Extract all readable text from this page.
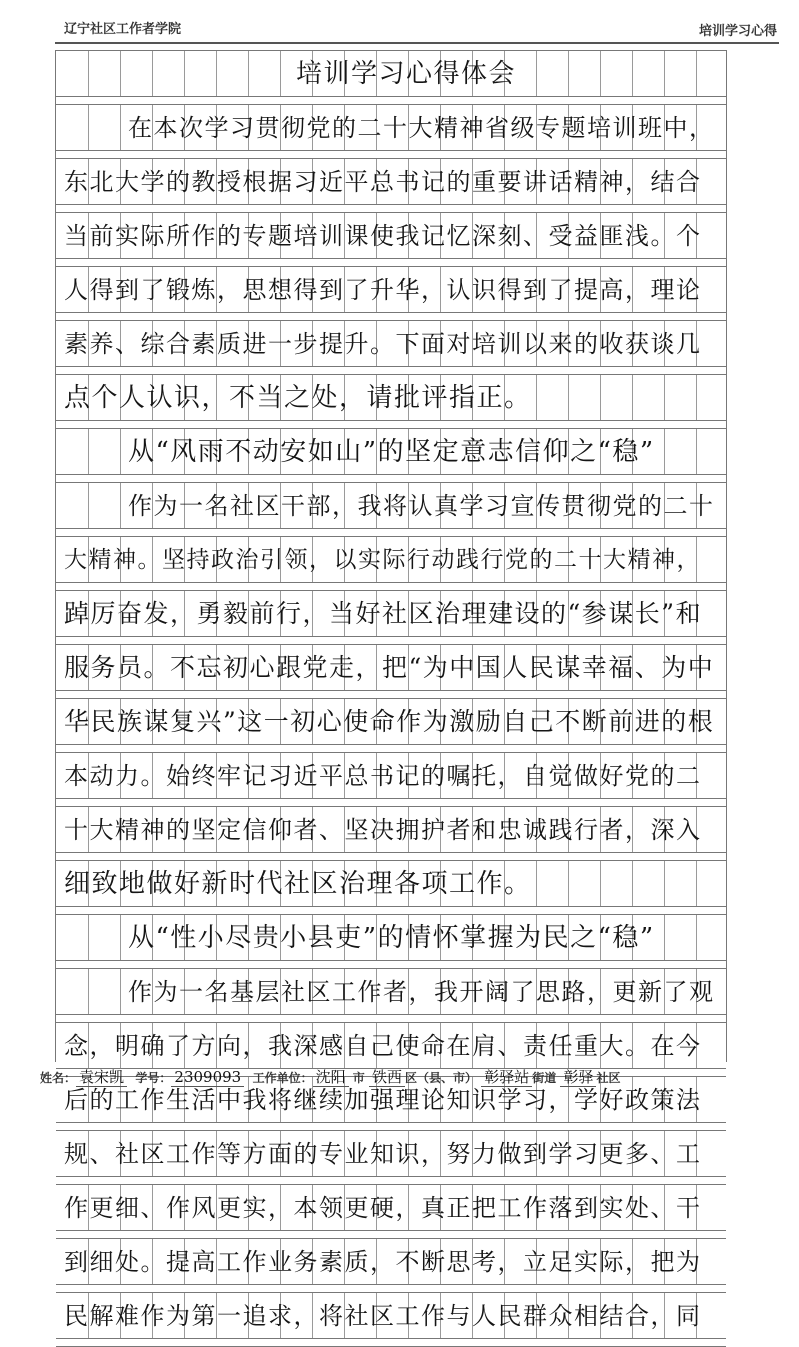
辽宁社区工作者学院	培训学习心得
培训学习心得体会
在本次学习贯彻党的二十大精神省级专题培训班中，
东北大学的教授根据习近平总书记的重要讲话精神，结合
当前实际所作的专题培训课使我记忆深刻、受益匪浅。个
人得到了锻炼，思想得到了升华，认识得到了提高，理论
素养、综合素质进一步提升。下面对培训以来的收获谈几
点个人认识，不当之处，请批评指正。
从“风雨不动安如山”的坚定意志信仰之“稳”
作为一名社区干部，我将认真学习宣传贯彻党的二十
大精神。坚持政治引领，以实际行动践行党的二十大精神，
踔厉奋发，勇毅前行，当好社区治理建设的“参谋长”和
服务员。不忘初心跟党走，把“为中国人民谋幸福、为中
华民族谋复兴”这一初心使命作为激励自己不断前进的根
本动力。始终牢记习近平总书记的嘱托，自觉做好党的二
十大精神的坚定信仰者、坚决拥护者和忠诚践行者，深入
细致地做好新时代社区治理各项工作。
从“性小尽贵小县吏”的情怀掌握为民之“稳”
作为一名基层社区工作者，我开阔了思路，更新了观
念，明确了方向，我深感自己使命在肩、责任重大。在今
后的工作生活中我将继续加强理论知识学习，学好政策法
规、社区工作等方面的专业知识，努力做到学习更多、工
作更细、作风更实，本领更硬，真正把工作落到实处、干
到细处。提高工作业务素质，不断思考，立足实际，把为
民解难作为第一追求，将社区工作与人民群众相结合，同
姓名： 袁宋凯 学号： 2309093 工作单位： 沈阳 市 铁西 区（县、市） 彰驿站 街道 彰驿 社区
